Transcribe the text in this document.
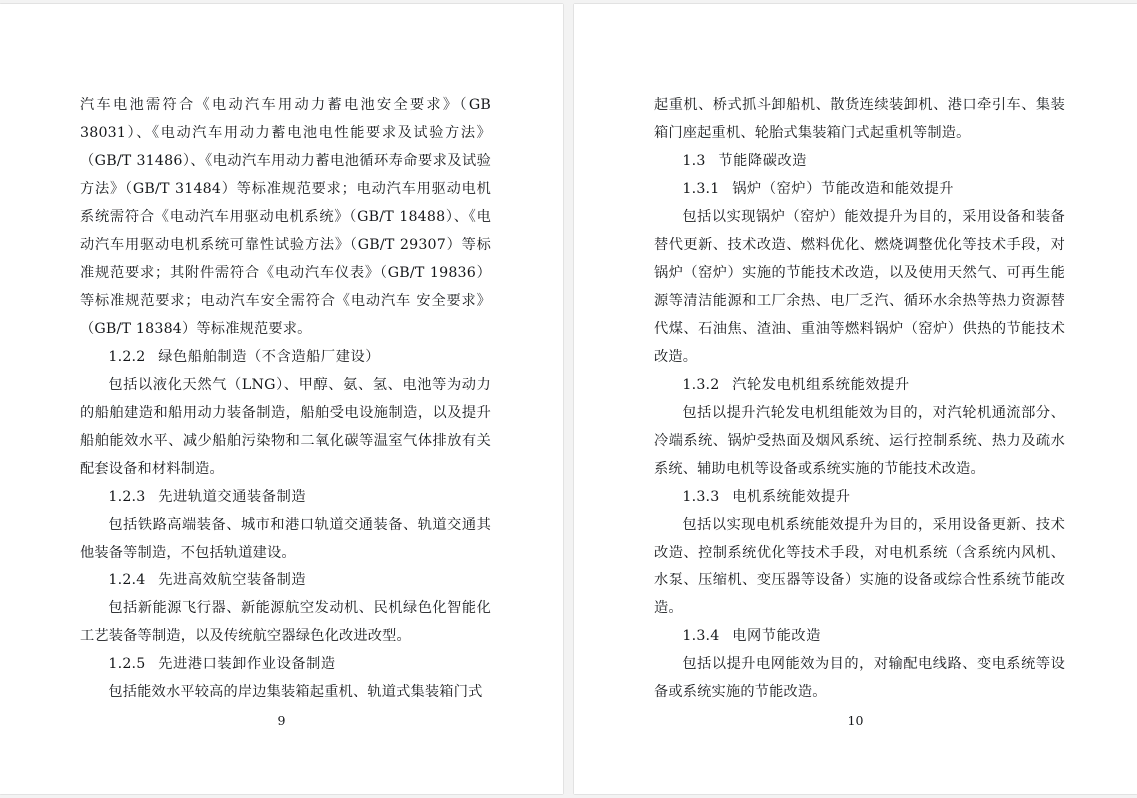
汽车电池需符合《电动汽车用动力蓄电池安全要求》（GB 38031）、《电动汽车用动力蓄电池电性能要求及试验方法》（GB/T 31486）、《电动汽车用动力蓄电池循环寿命要求及试验方法》（GB/T 31484）等标准规范要求；电动汽车用驱动电机系统需符合《电动汽车用驱动电机系统》（GB/T 18488）、《电动汽车用驱动电机系统可靠性试验方法》（GB/T 29307）等标准规范要求；其附件需符合《电动汽车仪表》（GB/T 19836）等标准规范要求；电动汽车安全需符合《电动汽车 安全要求》（GB/T 18384）等标准规范要求。

1.2.2 绿色船舶制造（不含造船厂建设）

包括以液化天然气（LNG）、甲醇、氨、氢、电池等为动力的船舶建造和船用动力装备制造，船舶受电设施制造，以及提升船舶能效水平、减少船舶污染物和二氧化碳等温室气体排放有关配套设备和材料制造。

1.2.3 先进轨道交通装备制造

包括铁路高端装备、城市和港口轨道交通装备、轨道交通其他装备等制造，不包括轨道建设。

1.2.4 先进高效航空装备制造

包括新能源飞行器、新能源航空发动机、民机绿色化智能化工艺装备等制造，以及传统航空器绿色化改进改型。

1.2.5 先进港口装卸作业设备制造

包括能效水平较高的岸边集装箱起重机、轨道式集装箱门式

9

起重机、桥式抓斗卸船机、散货连续装卸机、港口牵引车、集装箱门座起重机、轮胎式集装箱门式起重机等制造。

1.3 节能降碳改造

1.3.1 锅炉（窑炉）节能改造和能效提升

包括以实现锅炉（窑炉）能效提升为目的，采用设备和装备替代更新、技术改造、燃料优化、燃烧调整优化等技术手段，对锅炉（窑炉）实施的节能技术改造，以及使用天然气、可再生能源等清洁能源和工厂余热、电厂乏汽、循环水余热等热力资源替代煤、石油焦、渣油、重油等燃料锅炉（窑炉）供热的节能技术改造。

1.3.2 汽轮发电机组系统能效提升

包括以提升汽轮发电机组能效为目的，对汽轮机通流部分、冷端系统、锅炉受热面及烟风系统、运行控制系统、热力及疏水系统、辅助电机等设备或系统实施的节能技术改造。

1.3.3 电机系统能效提升

包括以实现电机系统能效提升为目的，采用设备更新、技术改造、控制系统优化等技术手段，对电机系统（含系统内风机、水泵、压缩机、变压器等设备）实施的设备或综合性系统节能改造。

1.3.4 电网节能改造

包括以提升电网能效为目的，对输配电线路、变电系统等设备或系统实施的节能改造。

10
